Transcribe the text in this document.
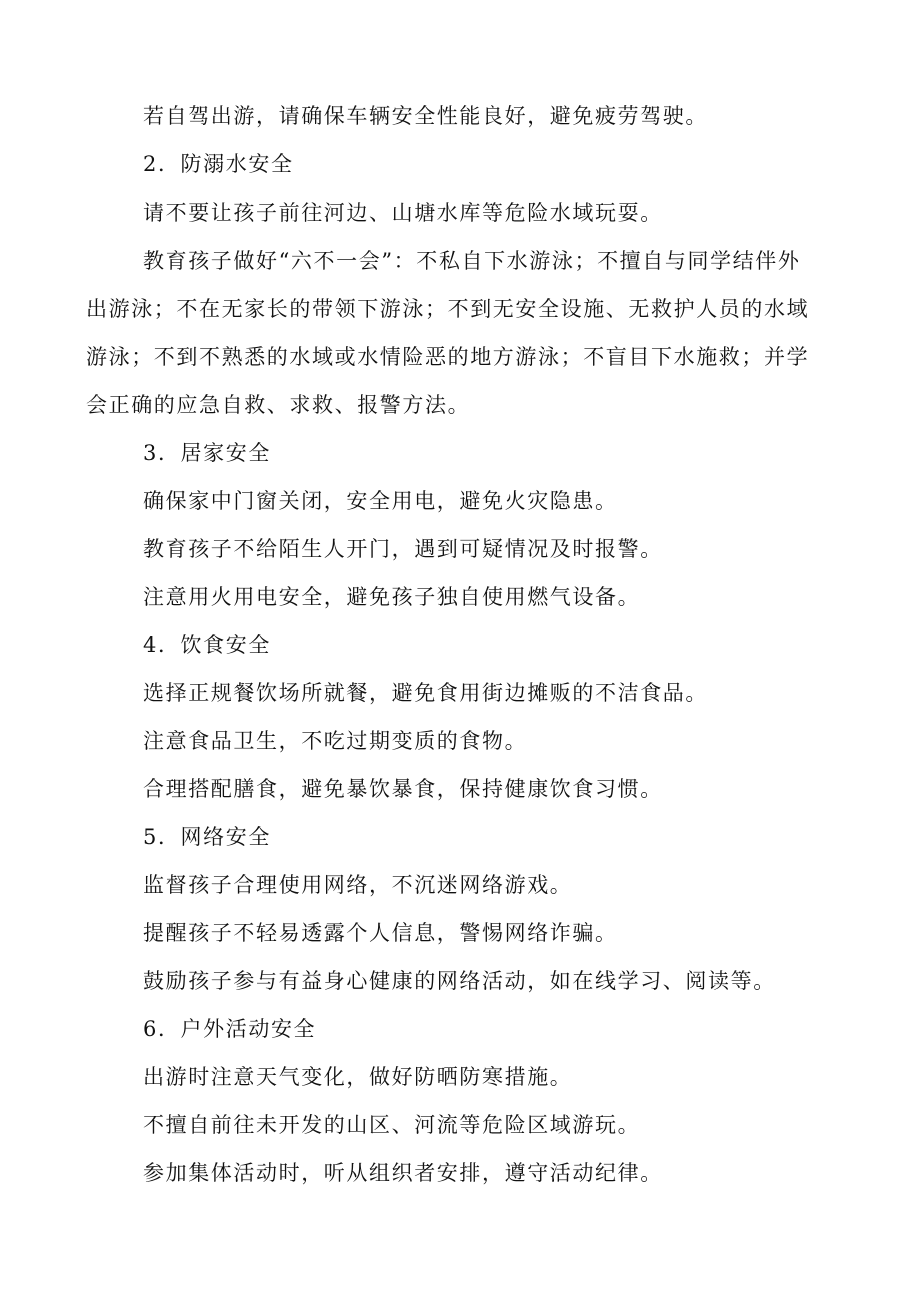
若自驾出游，请确保车辆安全性能良好，避免疲劳驾驶。
2．防溺水安全
请不要让孩子前往河边、山塘水库等危险水域玩耍。
教育孩子做好“六不一会”：不私自下水游泳；不擅自与同学结伴外
出游泳；不在无家长的带领下游泳；不到无安全设施、无救护人员的水域
游泳；不到不熟悉的水域或水情险恶的地方游泳；不盲目下水施救；并学
会正确的应急自救、求救、报警方法。
3．居家安全
确保家中门窗关闭，安全用电，避免火灾隐患。
教育孩子不给陌生人开门，遇到可疑情况及时报警。
注意用火用电安全，避免孩子独自使用燃气设备。
4．饮食安全
选择正规餐饮场所就餐，避免食用街边摊贩的不洁食品。
注意食品卫生，不吃过期变质的食物。
合理搭配膳食，避免暴饮暴食，保持健康饮食习惯。
5．网络安全
监督孩子合理使用网络，不沉迷网络游戏。
提醒孩子不轻易透露个人信息，警惕网络诈骗。
鼓励孩子参与有益身心健康的网络活动，如在线学习、阅读等。
6．户外活动安全
出游时注意天气变化，做好防晒防寒措施。
不擅自前往未开发的山区、河流等危险区域游玩。
参加集体活动时，听从组织者安排，遵守活动纪律。
